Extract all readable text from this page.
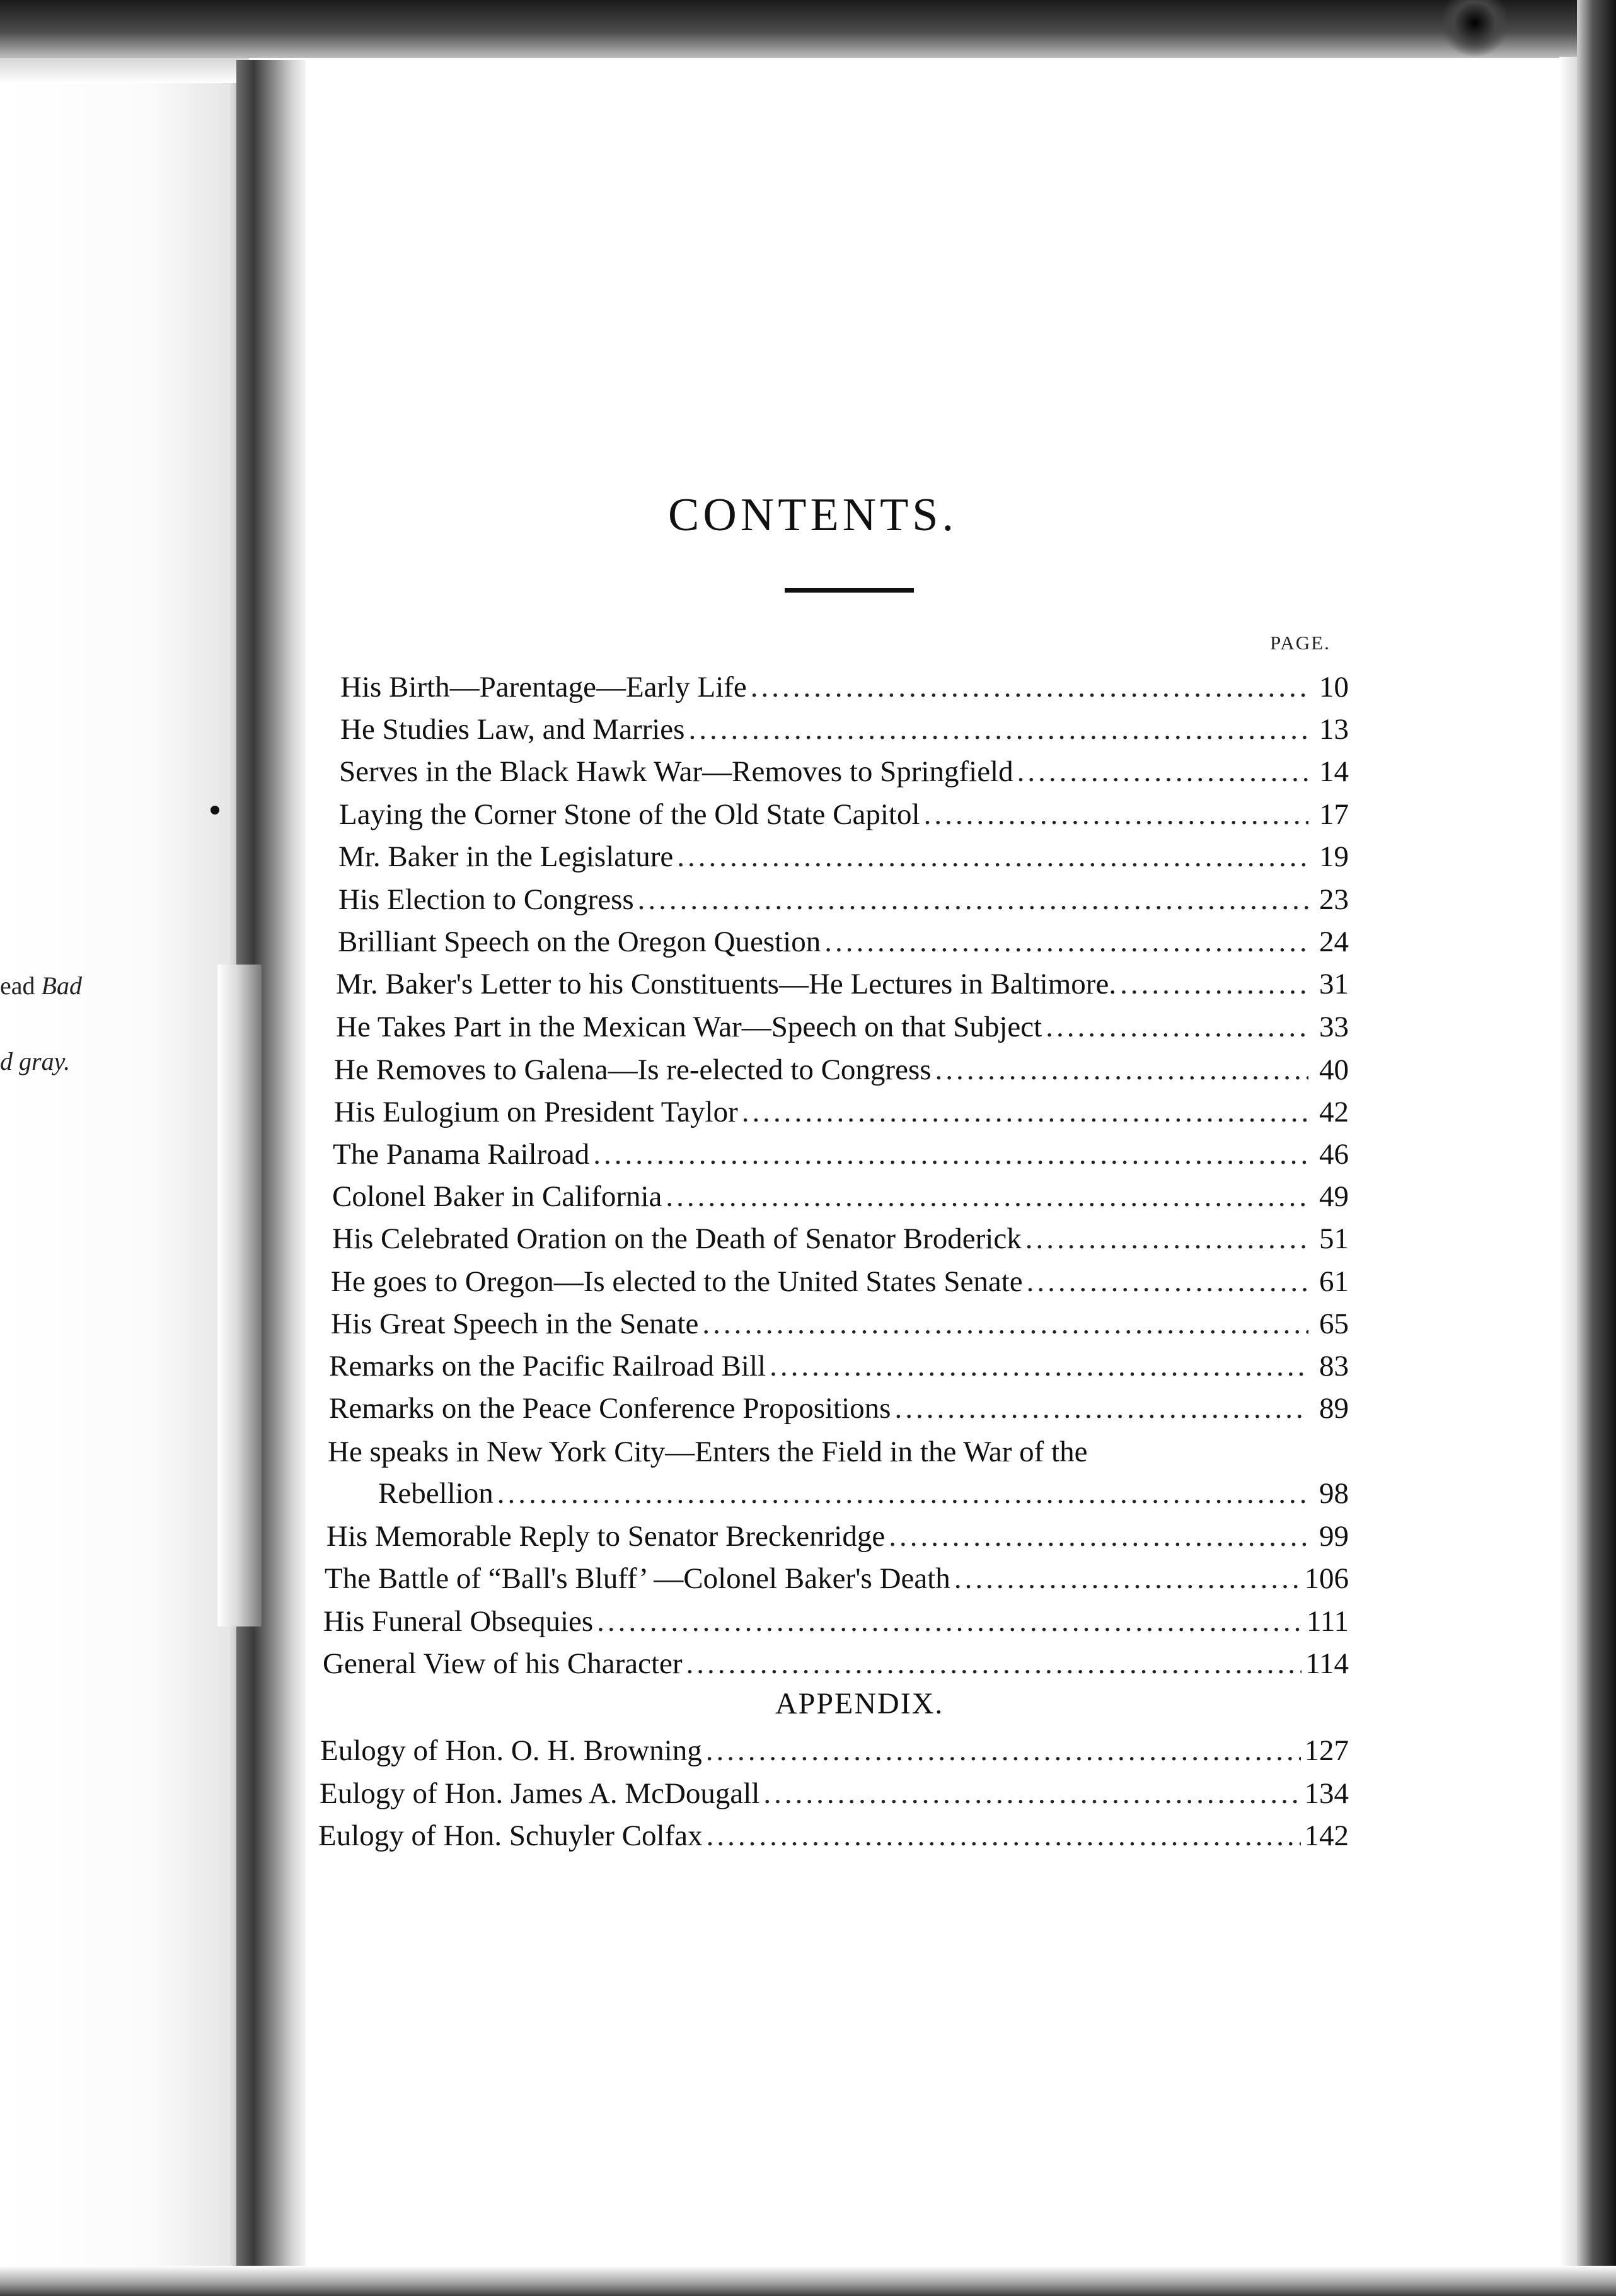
ead Bad
d gray.
CONTENTS.
PAGE.
His Birth—Parentage—Early Life .....	10
He Studies Law, and Marries .....	13
Serves in the Black Hawk War—Removes to Springfield .....	14
Laying the Corner Stone of the Old State Capitol .....	17
Mr. Baker in the Legislature .....	19
His Election to Congress .....	23
Brilliant Speech on the Oregon Question .....	24
Mr. Baker's Letter to his Constituents—He Lectures in Baltimore. .....	31
He Takes Part in the Mexican War—Speech on that Subject .....	33
He Removes to Galena—Is re-elected to Congress .....	40
His Eulogium on President Taylor .....	42
The Panama Railroad .....	46
Colonel Baker in California .....	49
His Celebrated Oration on the Death of Senator Broderick .....	51
He goes to Oregon—Is elected to the United States Senate .....	61
His Great Speech in the Senate .....	65
Remarks on the Pacific Railroad Bill .....	83
Remarks on the Peace Conference Propositions .....	89
He speaks in New York City—Enters the Field in the War of the
Rebellion .....	98
His Memorable Reply to Senator Breckenridge .....	99
The Battle of “Ball's Bluff’ —Colonel Baker's Death .....	106
His Funeral Obsequies .....	111
General View of his Character .....	114
APPENDIX.
Eulogy of Hon. O. H. Browning .....	127
Eulogy of Hon. James A. McDougall .....	134
Eulogy of Hon. Schuyler Colfax .....	142
